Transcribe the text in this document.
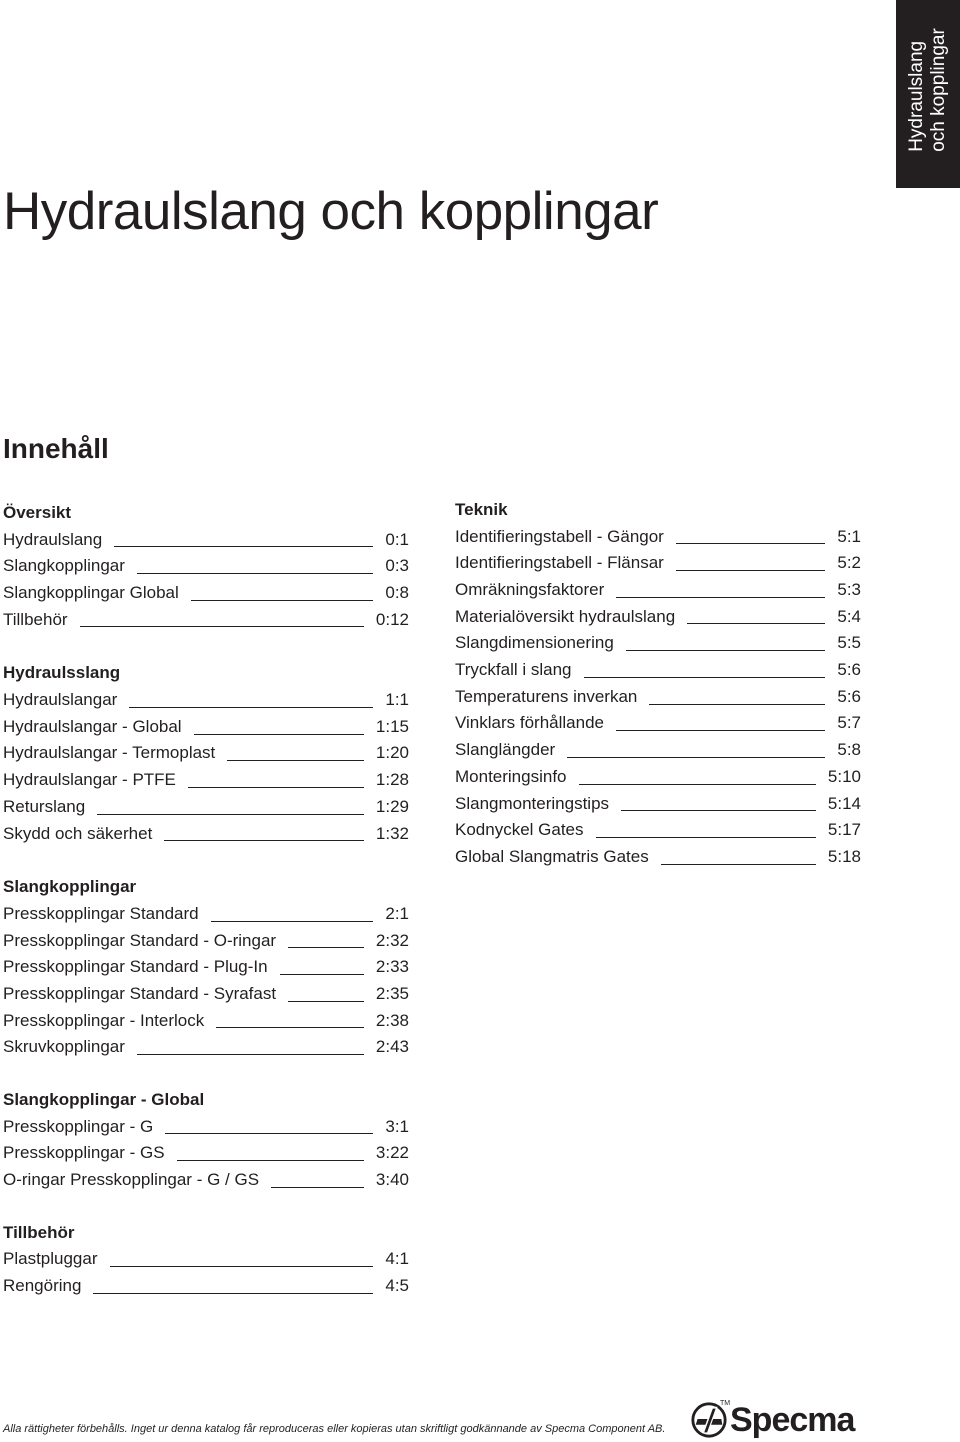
Hydraulslang och kopplingar
Hydraulslang och kopplingar
Innehåll
Översikt
Hydraulslang	0:1
Slangkopplingar	0:3
Slangkopplingar Global	0:8
Tillbehör	0:12
Hydraulsslang
Hydraulslangar	1:1
Hydraulslangar - Global	1:15
Hydraulslangar - Termoplast	1:20
Hydraulslangar - PTFE	1:28
Returslang	1:29
Skydd och säkerhet	1:32
Slangkopplingar
Presskopplingar Standard	2:1
Presskopplingar Standard - O-ringar	2:32
Presskopplingar Standard - Plug-In	2:33
Presskopplingar Standard - Syrafast	2:35
Presskopplingar - Interlock	2:38
Skruvkopplingar	2:43
Slangkopplingar - Global
Presskopplingar - G	3:1
Presskopplingar - GS	3:22
O-ringar Presskopplingar - G / GS	3:40
Tillbehör
Plastpluggar	4:1
Rengöring	4:5
Teknik
Identifieringstabell - Gängor	5:1
Identifieringstabell - Flänsar	5:2
Omräkningsfaktorer	5:3
Materialöversikt hydraulslang	5:4
Slangdimensionering	5:5
Tryckfall i slang	5:6
Temperaturens inverkan	5:6
Vinklars förhållande	5:7
Slanglängder	5:8
Monteringsinfo	5:10
Slangmonteringstips	5:14
Kodnyckel Gates	5:17
Global Slangmatris Gates	5:18
Alla rättigheter förbehålls. Inget ur denna katalog får reproduceras eller kopieras utan skriftligt godkännande av Specma Component AB.
TM Specma
